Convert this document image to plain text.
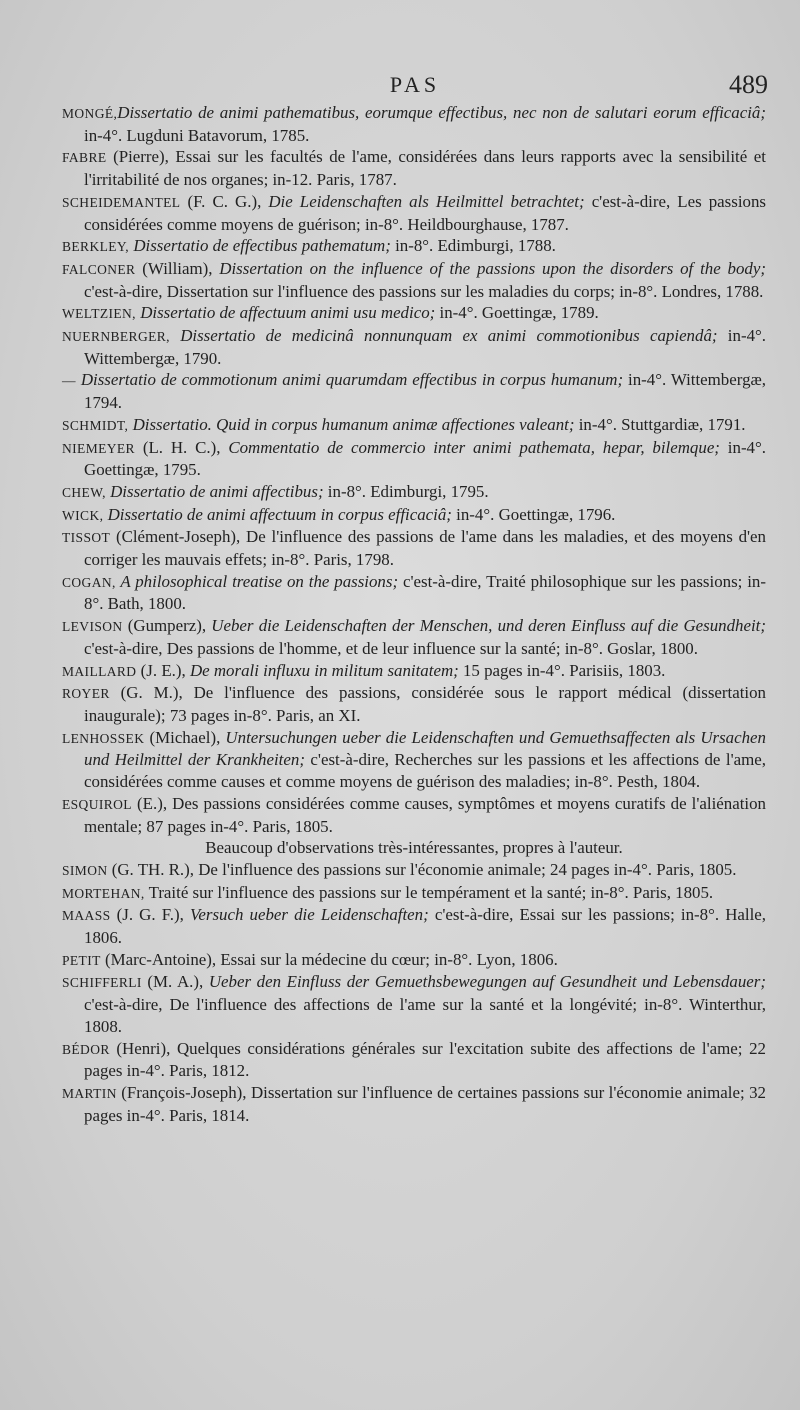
PAS	489

MONGÉ,Dissertatio de animi pathematibus, eorumque effectibus, nec non de salutari eorum efficaciâ; in-4°. Lugduni Batavorum, 1785.

FABRE (Pierre), Essai sur les facultés de l'ame, considérées dans leurs rapports avec la sensibilité et l'irritabilité de nos organes; in-12. Paris, 1787.

SCHEIDEMANTEL (F. C. G.), Die Leidenschaften als Heilmittel betrachtet; c'est-à-dire, Les passions considérées comme moyens de guérison; in-8°. Heildbourghause, 1787.

BERKLEY, Dissertatio de effectibus pathematum; in-8°. Edimburgi, 1788.

FALCONER (William), Dissertation on the influence of the passions upon the disorders of the body; c'est-à-dire, Dissertation sur l'influence des passions sur les maladies du corps; in-8°. Londres, 1788.

WELTZIEN, Dissertatio de affectuum animi usu medico; in-4°. Goettingæ, 1789.

NUERNBERGER, Dissertatio de medicinâ nonnunquam ex animi commotionibus capiendâ; in-4°. Wittembergæ, 1790.

— Dissertatio de commotionum animi quarumdam effectibus in corpus humanum; in-4°. Wittembergæ, 1794.

SCHMIDT, Dissertatio. Quid in corpus humanum animæ affectiones valeant; in-4°. Stuttgardiæ, 1791.

NIEMEYER (L. H. C.), Commentatio de commercio inter animi pathemata, hepar, bilemque; in-4°. Goettingæ, 1795.

CHEW, Dissertatio de animi affectibus; in-8°. Edimburgi, 1795.

WICK, Dissertatio de animi affectuum in corpus efficaciâ; in-4°. Goettingæ, 1796.

TISSOT (Clément-Joseph), De l'influence des passions de l'ame dans les maladies, et des moyens d'en corriger les mauvais effets; in-8°. Paris, 1798.

COGAN, A philosophical treatise on the passions; c'est-à-dire, Traité philosophique sur les passions; in-8°. Bath, 1800.

LEVISON (Gumperz), Ueber die Leidenschaften der Menschen, und deren Einfluss auf die Gesundheit; c'est-à-dire, Des passions de l'homme, et de leur influence sur la santé; in-8°. Goslar, 1800.

MAILLARD (J. E.), De morali influxu in militum sanitatem; 15 pages in-4°. Parisiis, 1803.

ROYER (G. M.), De l'influence des passions, considérée sous le rapport médical (dissertation inaugurale); 73 pages in-8°. Paris, an XI.

LENHOSSEK (Michael), Untersuchungen ueber die Leidenschaften und Gemuethsaffecten als Ursachen und Heilmittel der Krankheiten; c'est-à-dire, Recherches sur les passions et les affections de l'ame, considérées comme causes et comme moyens de guérison des maladies; in-8°. Pesth, 1804.

ESQUIROL (E.), Des passions considérées comme causes, symptômes et moyens curatifs de l'aliénation mentale; 87 pages in-4°. Paris, 1805.

Beaucoup d'observations très-intéressantes, propres à l'auteur.

SIMON (G. TH. R.), De l'influence des passions sur l'économie animale; 24 pages in-4°. Paris, 1805.

MORTEHAN, Traité sur l'influence des passions sur le tempérament et la santé; in-8°. Paris, 1805.

MAASS (J. G. F.), Versuch ueber die Leidenschaften; c'est-à-dire, Essai sur les passions; in-8°. Halle, 1806.

PETIT (Marc-Antoine), Essai sur la médecine du cœur; in-8°. Lyon, 1806.

SCHIFFERLI (M. A.), Ueber den Einfluss der Gemuethsbewegungen auf Gesundheit und Lebensdauer; c'est-à-dire, De l'influence des affections de l'ame sur la santé et la longévité; in-8°. Winterthur, 1808.

BÉDOR (Henri), Quelques considérations générales sur l'excitation subite des affections de l'ame; 22 pages in-4°. Paris, 1812.

MARTIN (François-Joseph), Dissertation sur l'influence de certaines passions sur l'économie animale; 32 pages in-4°. Paris, 1814.
